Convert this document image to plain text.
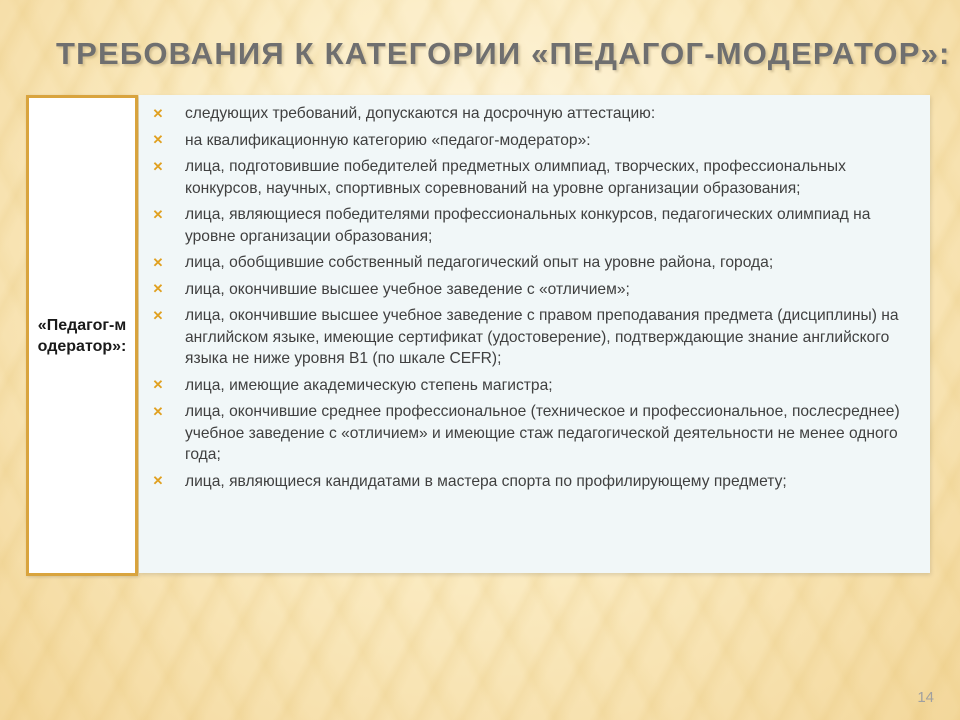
ТРЕБОВАНИЯ К КАТЕГОРИИ «ПЕДАГОГ-МОДЕРАТОР»:
«Педагог-модератор»:
✕ следующих требований, допускаются на досрочную аттестацию:
✕ на квалификационную категорию «педагог-модератор»:
✕ лица, подготовившие победителей предметных олимпиад, творческих, профессиональных конкурсов, научных, спортивных соревнований на уровне организации образования;
✕ лица, являющиеся победителями профессиональных конкурсов, педагогических олимпиад на уровне организации образования;
✕ лица, обобщившие собственный педагогический опыт на уровне района, города;
✕ лица, окончившие высшее учебное заведение с «отличием»;
✕ лица, окончившие высшее учебное заведение с правом преподавания предмета (дисциплины) на английском языке, имеющие сертификат (удостоверение), подтверждающие знание английского языка не ниже уровня B1 (по шкале CEFR);
✕ лица, имеющие академическую степень магистра;
✕ лица, окончившие среднее профессиональное (техническое и профессиональное, послесреднее) учебное заведение с «отличием» и имеющие стаж педагогической деятельности не менее одного года;
✕ лица, являющиеся кандидатами в мастера спорта по профилирующему предмету;
14
